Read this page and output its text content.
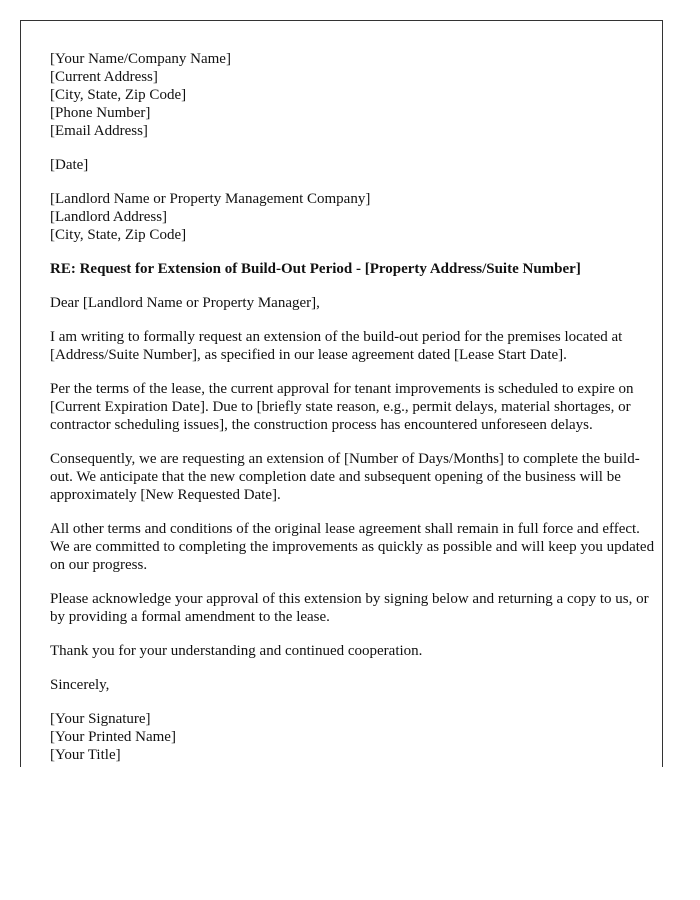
[Your Name/Company Name]
[Current Address]
[City, State, Zip Code]
[Phone Number]
[Email Address]

[Date]

[Landlord Name or Property Management Company]
[Landlord Address]
[City, State, Zip Code]

RE: Request for Extension of Build-Out Period - [Property Address/Suite Number]

Dear [Landlord Name or Property Manager],

I am writing to formally request an extension of the build-out period for the premises located at [Address/Suite Number], as specified in our lease agreement dated [Lease Start Date].

Per the terms of the lease, the current approval for tenant improvements is scheduled to expire on [Current Expiration Date]. Due to [briefly state reason, e.g., permit delays, material shortages, or contractor scheduling issues], the construction process has encountered unforeseen delays.

Consequently, we are requesting an extension of [Number of Days/Months] to complete the build-out. We anticipate that the new completion date and subsequent opening of the business will be approximately [New Requested Date].

All other terms and conditions of the original lease agreement shall remain in full force and effect. We are committed to completing the improvements as quickly as possible and will keep you updated on our progress.

Please acknowledge your approval of this extension by signing below and returning a copy to us, or by providing a formal amendment to the lease.

Thank you for your understanding and continued cooperation.

Sincerely,

[Your Signature]
[Your Printed Name]
[Your Title]
